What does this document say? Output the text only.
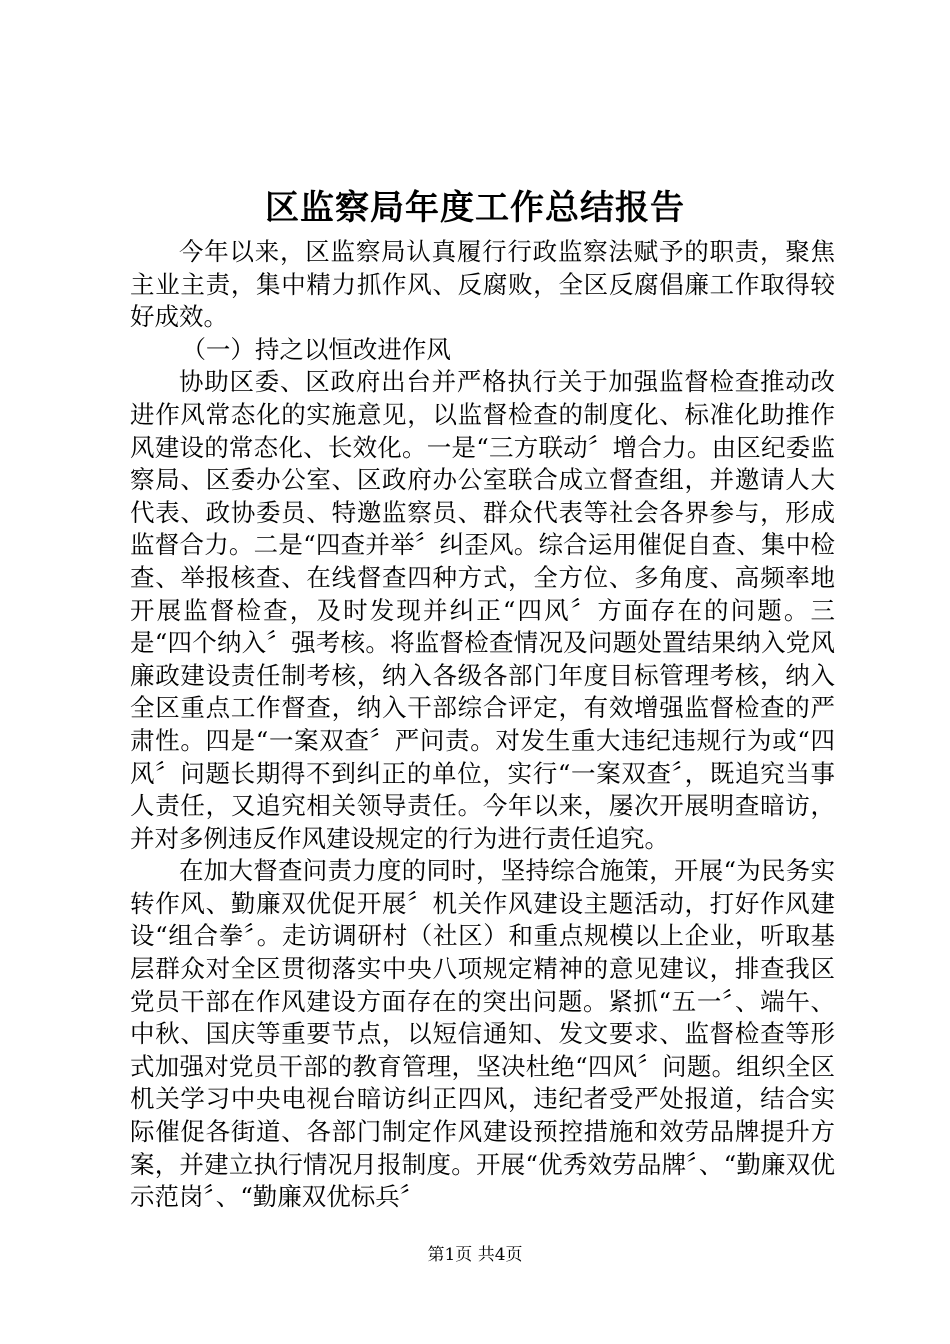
区监察局年度工作总结报告

今年以来，区监察局认真履行行政监察法赋予的职责，聚焦主业主责，集中精力抓作风、反腐败，全区反腐倡廉工作取得较好成效。

（一）持之以恒改进作风

协助区委、区政府出台并严格执行关于加强监督检查推动改进作风常态化的实施意见，以监督检查的制度化、标准化助推作风建设的常态化、长效化。一是“三方联动〞增合力。由区纪委监察局、区委办公室、区政府办公室联合成立督查组，并邀请人大代表、政协委员、特邀监察员、群众代表等社会各界参与，形成监督合力。二是“四查并举〞纠歪风。综合运用催促自查、集中检查、举报核查、在线督查四种方式，全方位、多角度、高频率地开展监督检查，及时发现并纠正“四风〞方面存在的问题。三是“四个纳入〞强考核。将监督检查情况及问题处置结果纳入党风廉政建设责任制考核，纳入各级各部门年度目标管理考核，纳入全区重点工作督查，纳入干部综合评定，有效增强监督检查的严肃性。四是“一案双查〞严问责。对发生重大违纪违规行为或“四风〞问题长期得不到纠正的单位，实行“一案双查〞，既追究当事人责任，又追究相关领导责任。今年以来，屡次开展明查暗访，并对多例违反作风建设规定的行为进行责任追究。

在加大督查问责力度的同时，坚持综合施策，开展“为民务实转作风、勤廉双优促开展〞机关作风建设主题活动，打好作风建设“组合拳〞。走访调研村（社区）和重点规模以上企业，听取基层群众对全区贯彻落实中央八项规定精神的意见建议，排查我区党员干部在作风建设方面存在的突出问题。紧抓“五一〞、端午、中秋、国庆等重要节点，以短信通知、发文要求、监督检查等形式加强对党员干部的教育管理，坚决杜绝“四风〞问题。组织全区机关学习中央电视台暗访纠正四风，违纪者受严处报道，结合实际催促各街道、各部门制定作风建设预控措施和效劳品牌提升方案，并建立执行情况月报制度。开展“优秀效劳品牌〞、“勤廉双优示范岗〞、“勤廉双优标兵〞

第1页 共4页
